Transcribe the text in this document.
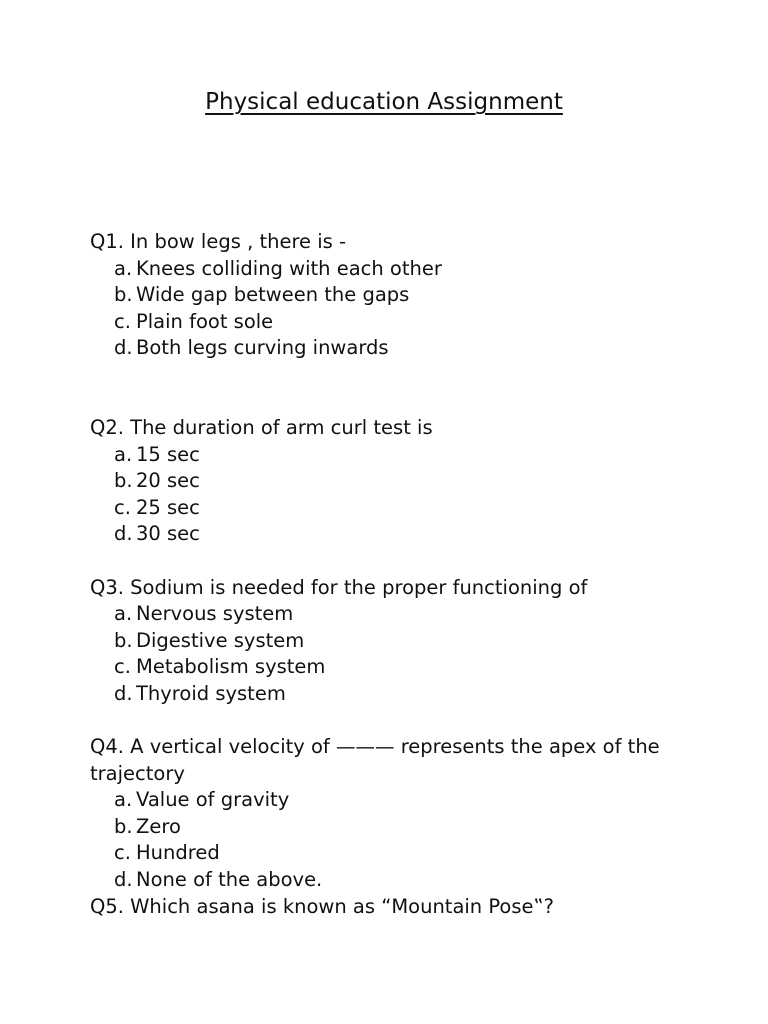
Physical education Assignment

Q1. In bow legs , there is -

a. Knees colliding with each other
b. Wide gap between the gaps
c. Plain foot sole
d. Both legs curving inwards

Q2. The duration of arm curl test is

a. 15 sec
b. 20 sec
c. 25 sec
d. 30 sec

Q3. Sodium is needed for the proper functioning of

a. Nervous system
b. Digestive system
c. Metabolism system
d. Thyroid system

Q4. A vertical velocity of ——— represents the apex of the trajectory

a. Value of gravity
b. Zero
c. Hundred
d. None of the above.

Q5. Which asana is known as “Mountain Pose‟?
